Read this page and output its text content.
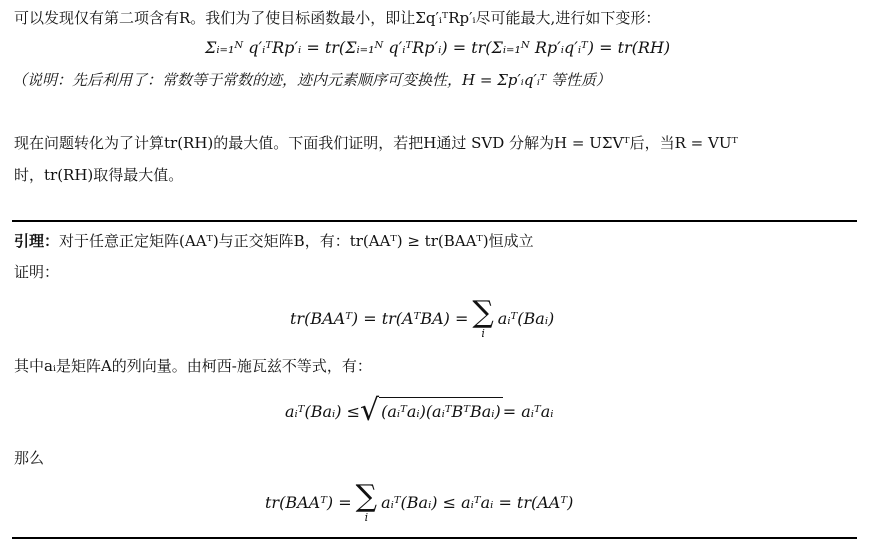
可以发现仅有第二项含有R。我们为了使目标函数最小，即让Σq′ᵢᵀRp′ᵢ尽可能最大,进行如下变形：
Σᵢ₌₁ᴺ q′ᵢᵀRp′ᵢ = tr(Σᵢ₌₁ᴺ q′ᵢᵀRp′ᵢ) = tr(Σᵢ₌₁ᴺ Rp′ᵢq′ᵢᵀ) = tr(RH)
（说明：先后利用了：常数等于常数的迹，迹内元素顺序可变换性，H = Σp′ᵢq′ᵢᵀ 等性质）
现在问题转化为了计算tr(RH)的最大值。下面我们证明，若把H通过 SVD 分解为H = UΣVᵀ后，当R = VUᵀ
时，tr(RH)取得最大值。
引理：对于任意正定矩阵(AAᵀ)与正交矩阵B，有：tr(AAᵀ) ≥ tr(BAAᵀ)恒成立
证明：
tr(BAAᵀ) = tr(AᵀBA) = ∑
i
aᵢᵀ(Baᵢ)
其中aᵢ是矩阵A的列向量。由柯西-施瓦兹不等式，有：
aᵢᵀ(Baᵢ) ≤ √ (aᵢᵀaᵢ)(aᵢᵀBᵀBaᵢ) = aᵢᵀaᵢ
那么
tr(BAAᵀ) = ∑
i
aᵢᵀ(Baᵢ) ≤ aᵢᵀaᵢ = tr(AAᵀ)
